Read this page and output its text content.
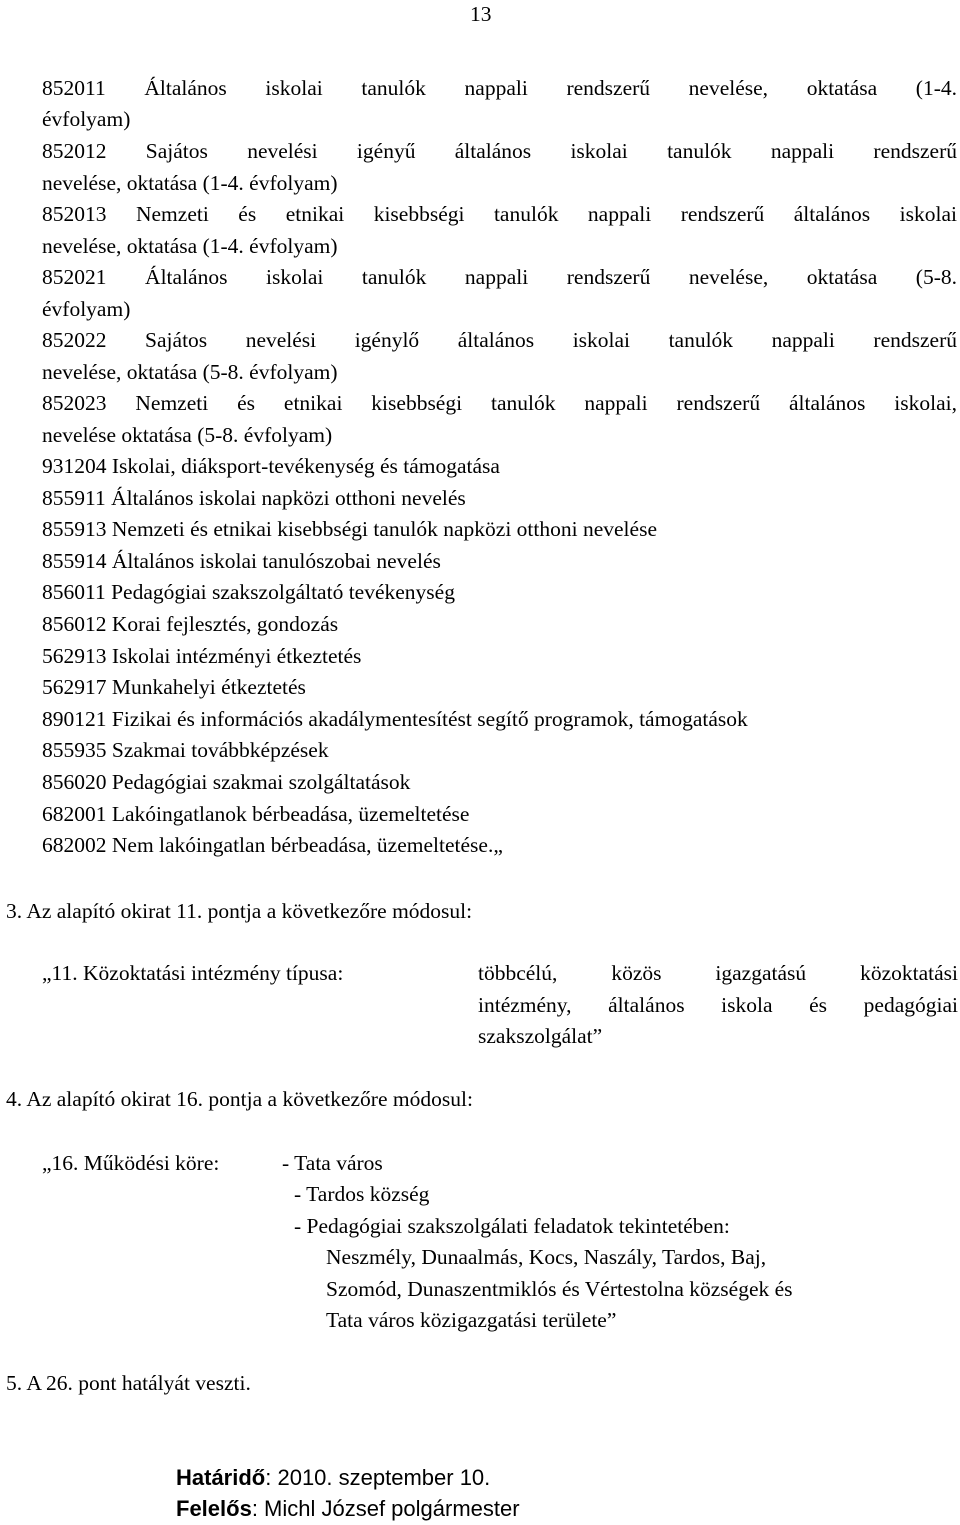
13
852011 Általános iskolai tanulók nappali rendszerű nevelése, oktatása (1-4.
évfolyam)
852012 Sajátos nevelési igényű általános iskolai tanulók nappali rendszerű
nevelése, oktatása (1-4. évfolyam)
852013 Nemzeti és etnikai kisebbségi tanulók nappali rendszerű általános iskolai
nevelése, oktatása (1-4. évfolyam)
852021 Általános iskolai tanulók nappali rendszerű nevelése, oktatása (5-8.
évfolyam)
852022 Sajátos nevelési igénylő általános iskolai tanulók nappali rendszerű
nevelése, oktatása (5-8. évfolyam)
852023 Nemzeti és etnikai kisebbségi tanulók nappali rendszerű általános iskolai,
nevelése oktatása (5-8. évfolyam)
931204 Iskolai, diáksport-tevékenység és támogatása
855911 Általános iskolai napközi otthoni nevelés
855913 Nemzeti és etnikai kisebbségi tanulók napközi otthoni nevelése
855914 Általános iskolai tanulószobai nevelés
856011 Pedagógiai szakszolgáltató tevékenység
856012 Korai fejlesztés, gondozás
562913 Iskolai intézményi étkeztetés
562917 Munkahelyi étkeztetés
890121 Fizikai és információs akadálymentesítést segítő programok, támogatások
855935 Szakmai továbbképzések
856020 Pedagógiai szakmai szolgáltatások
682001 Lakóingatlanok bérbeadása, üzemeltetése
682002 Nem lakóingatlan bérbeadása, üzemeltetése.„
3. Az alapító okirat 11. pontja a következőre módosul:
„11. Közoktatási intézmény típusa:	többcélú, közös igazgatású közoktatási
intézmény, általános iskola és pedagógiai
szakszolgálat”
4. Az alapító okirat 16. pontja a következőre módosul:
„16. Működési köre:	- Tata város
- Tardos község
- Pedagógiai szakszolgálati feladatok tekintetében:
Neszmély, Dunaalmás, Kocs, Naszály, Tardos, Baj,
Szomód, Dunaszentmiklós és Vértestolna községek és
Tata város közigazgatási területe”
5. A 26. pont hatályát veszti.
Határidő: 2010. szeptember 10.
Felelős: Michl József polgármester
